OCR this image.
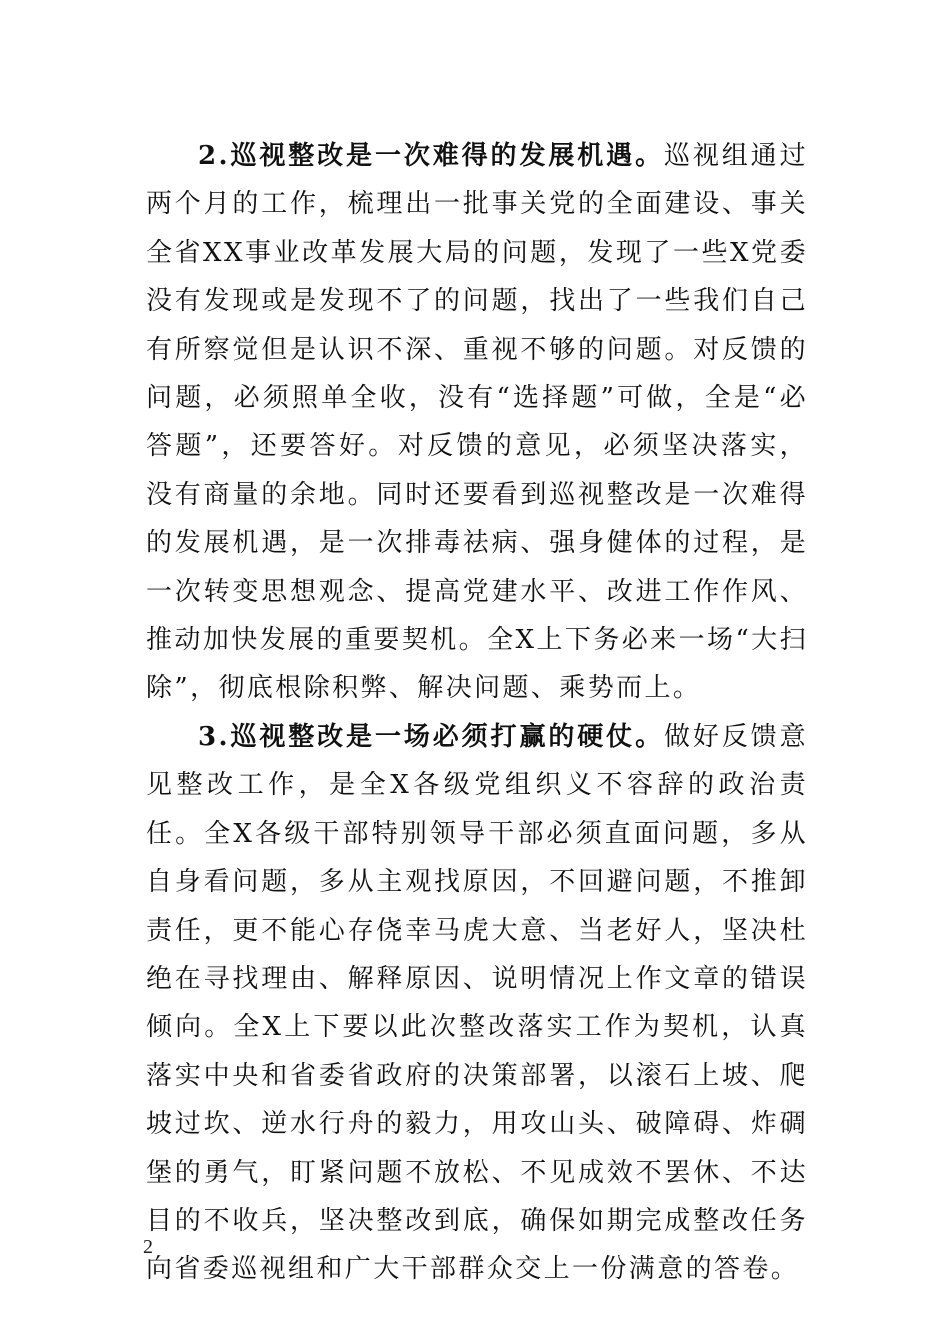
2.巡视整改是一次难得的发展机遇。巡视组通过两个月的工作，梳理出一批事关党的全面建设、事关全省XX事业改革发展大局的问题，发现了一些X党委没有发现或是发现不了的问题，找出了一些我们自己有所察觉但是认识不深、重视不够的问题。对反馈的问题，必须照单全收，没有“选择题”可做，全是“必答题”，还要答好。对反馈的意见，必须坚决落实，没有商量的余地。同时还要看到巡视整改是一次难得的发展机遇，是一次排毒祛病、强身健体的过程，是一次转变思想观念、提高党建水平、改进工作作风、推动加快发展的重要契机。全X上下务必来一场“大扫除”，彻底根除积弊、解决问题、乘势而上。

3.巡视整改是一场必须打赢的硬仗。做好反馈意见整改工作，是全X各级党组织义不容辞的政治责任。全X各级干部特别领导干部必须直面问题，多从自身看问题，多从主观找原因，不回避问题，不推卸责任，更不能心存侥幸马虎大意、当老好人，坚决杜绝在寻找理由、解释原因、说明情况上作文章的错误倾向。全X上下要以此次整改落实工作为契机，认真落实中央和省委省政府的决策部署，以滚石上坡、爬坡过坎、逆水行舟的毅力，用攻山头、破障碍、炸碉堡的勇气，盯紧问题不放松、不见成效不罢休、不达目的不收兵，坚决整改到底，确保如期完成整改任务向省委巡视组和广大干部群众交上一份满意的答卷。

2
